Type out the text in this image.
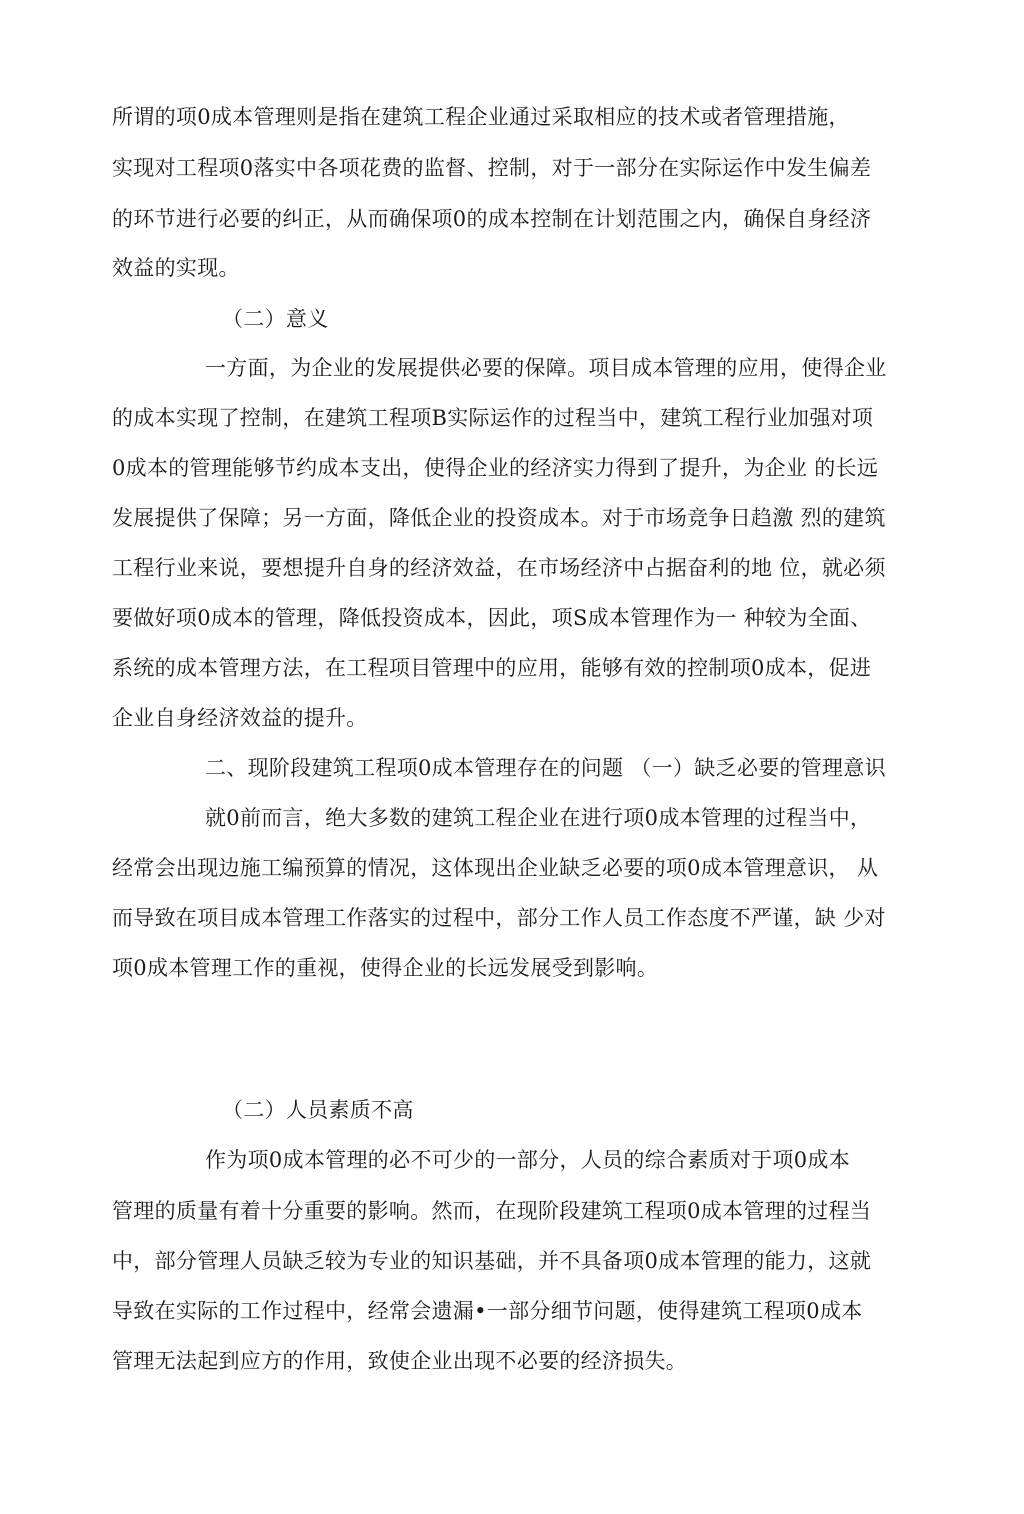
所谓的项0成本管理则是指在建筑工程企业通过采取相应的技术或者管理措施，
实现对工程项0落实中各项花费的监督、控制，对于一部分在实际运作中发生偏差
的环节进行必要的纠正，从而确保项0的成本控制在计划范围之内，确保自身经济
效益的实现。
（二）意义
一方面，为企业的发展提供必要的保障。项目成本管理的应用，使得企业
的成本实现了控制，在建筑工程项B实际运作的过程当中，建筑工程行业加强对项
0成本的管理能够节约成本支出，使得企业的经济实力得到了提升，为企业 的长远
发展提供了保障；另一方面，降低企业的投资成本。对于市场竞争日趋激 烈的建筑
工程行业来说，要想提升自身的经济效益，在市场经济中占据奋利的地 位，就必须
要做好项0成本的管理，降低投资成本，因此，项S成本管理作为一 种较为全面、
系统的成本管理方法，在工程项目管理中的应用，能够有效的控制项0成本，促进
企业自身经济效益的提升。
二、现阶段建筑工程项0成本管理存在的问题 （一）缺乏必要的管理意识
就0前而言，绝大多数的建筑工程企业在进行项0成本管理的过程当中，
经常会出现边施工编预算的情况，这体现出企业缺乏必要的项0成本管理意识， 从
而导致在项目成本管理工作落实的过程中，部分工作人员工作态度不严谨，缺 少对
项0成本管理工作的重视，使得企业的长远发展受到影响。
（二）人员素质不高
作为项0成本管理的必不可少的一部分，人员的综合素质对于项0成本
管理的质量有着十分重要的影响。然而，在现阶段建筑工程项0成本管理的过程当
中，部分管理人员缺乏较为专业的知识基础，并不具备项0成本管理的能力，这就
导致在实际的工作过程中，经常会遗漏•一部分细节问题，使得建筑工程项0成本
管理无法起到应方的作用，致使企业出现不必要的经济损失。
